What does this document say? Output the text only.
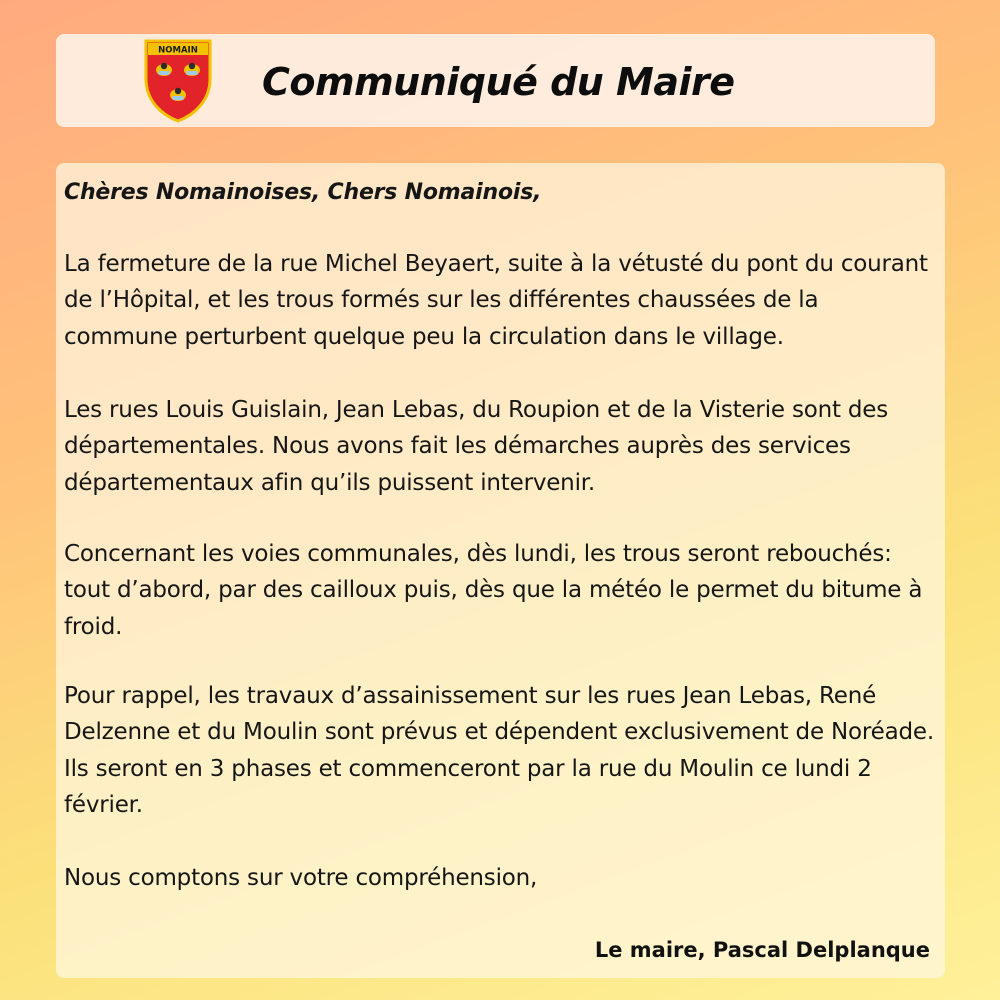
NOMAIN
Communiqué du Maire

Chères Nomainoises, Chers Nomainois,

La fermeture de la rue Michel Beyaert, suite à la vétusté du pont du courant de l’Hôpital, et les trous formés sur les différentes chaussées de la commune perturbent quelque peu la circulation dans le village.

Les rues Louis Guislain, Jean Lebas, du Roupion et de la Visterie sont des départementales. Nous avons fait les démarches auprès des services départementaux afin qu’ils puissent intervenir.

Concernant les voies communales, dès lundi, les trous seront rebouchés: tout d’abord, par des cailloux puis, dès que la météo le permet du bitume à froid.

Pour rappel, les travaux d’assainissement sur les rues Jean Lebas, René Delzenne et du Moulin sont prévus et dépendent exclusivement de Noréade. Ils seront en 3 phases et commenceront par la rue du Moulin ce lundi 2 février.

Nous comptons sur votre compréhension,

Le maire, Pascal Delplanque
